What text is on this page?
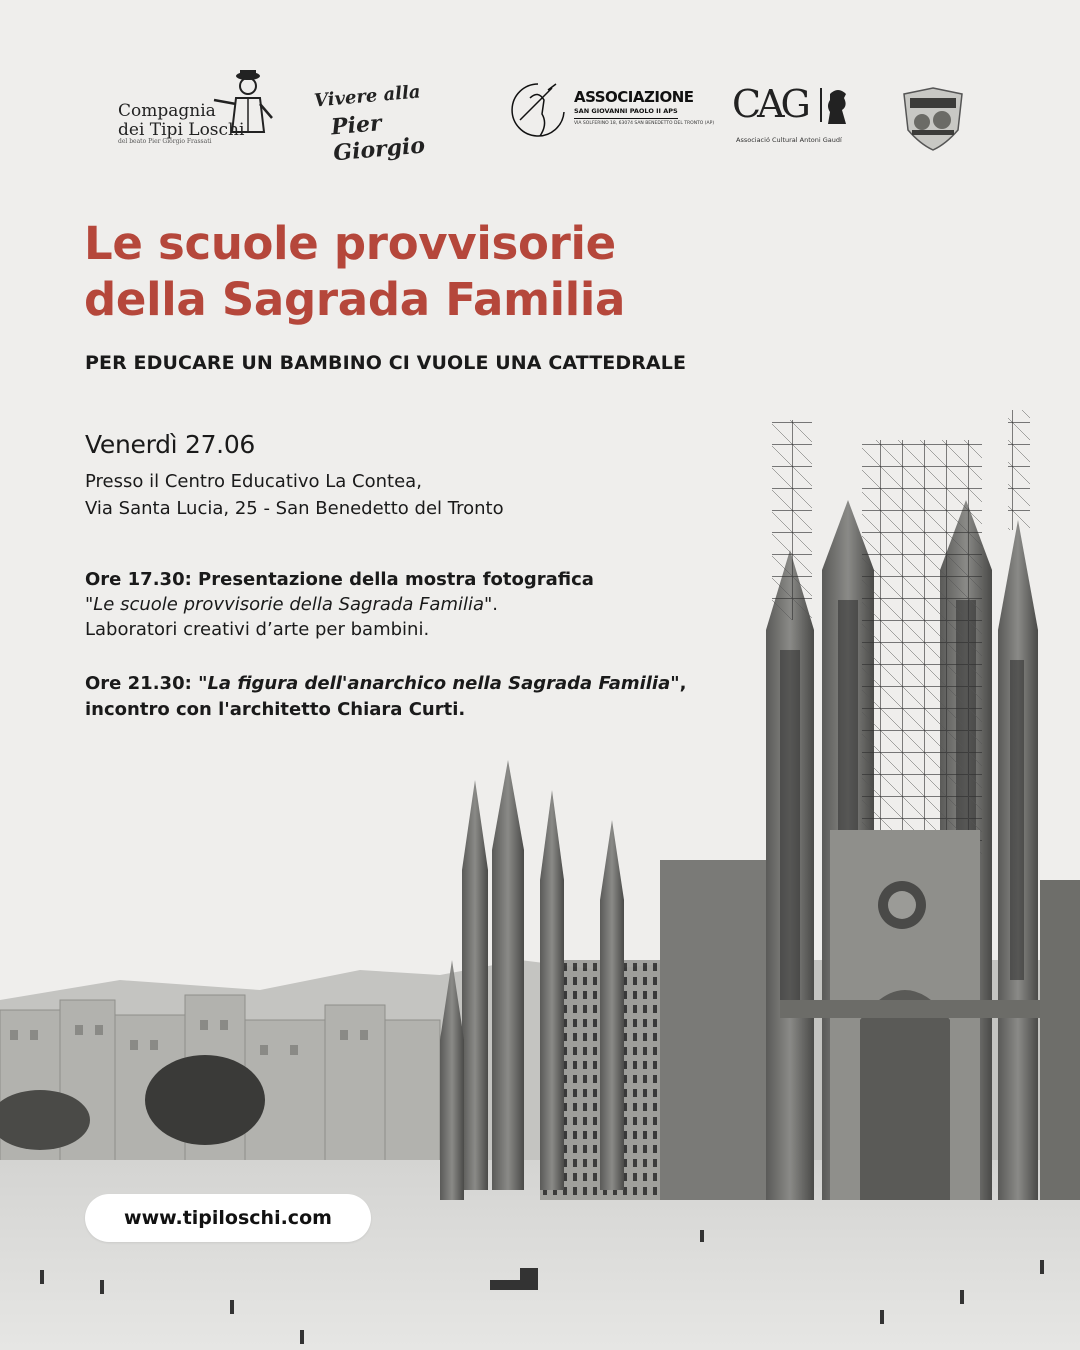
Compagnia
dei Tipi Loschi
del beato Pier Giorgio Frassati
Vivere alla
Pier Giorgio
ASSOCIAZIONE
SAN GIOVANNI PAOLO II APS
VIA SOLFERINO 18, 63074 SAN BENEDETTO DEL TRONTO (AP) CAG
Associació Cultural Antoni Gaudí
Le scuole provvisorie
della Sagrada Familia
PER EDUCARE UN BAMBINO CI VUOLE UNA CATTEDRALE
Venerdì 27.06
Presso il Centro Educativo La Contea,
Via Santa Lucia, 25 - San Benedetto del Tronto
Ore 17.30: Presentazione della mostra fotografica
"Le scuole provvisorie della Sagrada Familia".
Laboratori creativi d’arte per bambini.
Ore 21.30: "La figura dell'anarchico nella Sagrada Familia",
incontro con l'architetto Chiara Curti.
www.tipiloschi.com
